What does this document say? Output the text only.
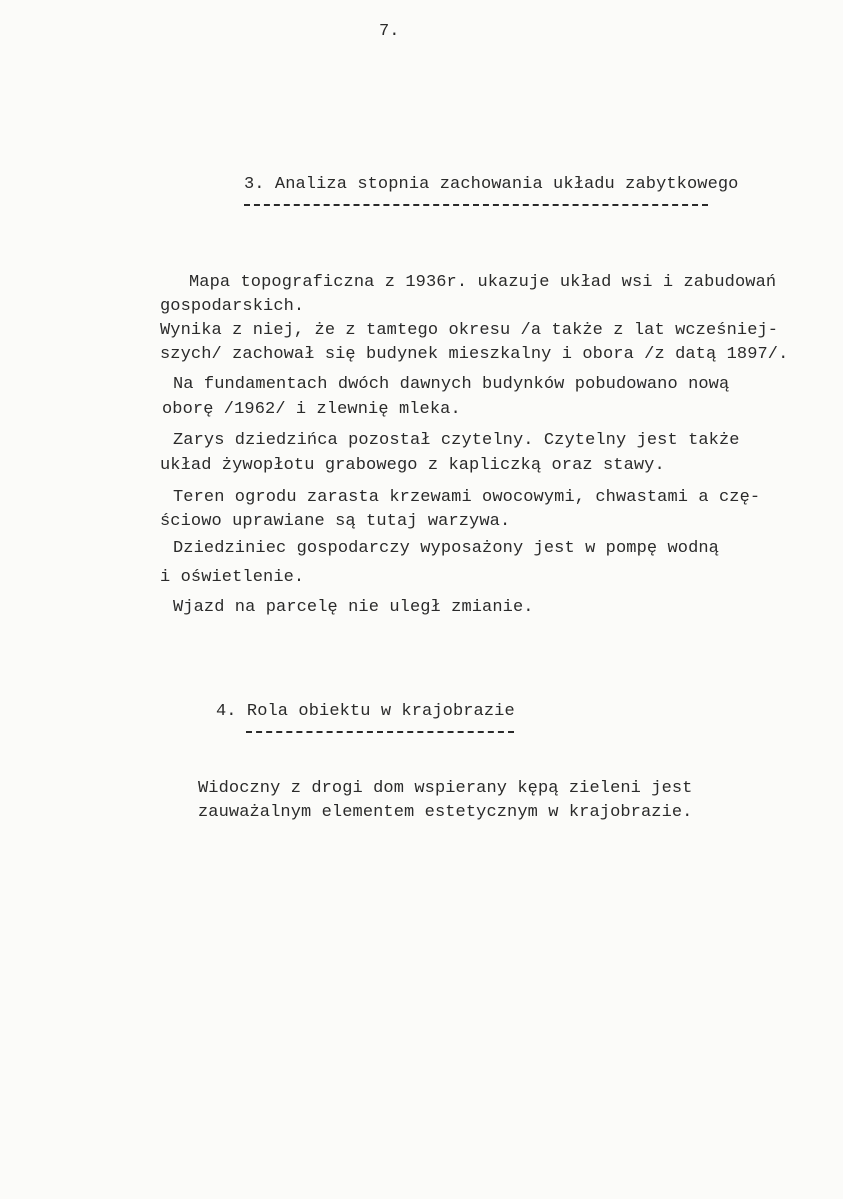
7.
3. Analiza stopnia zachowania układu zabytkowego
Mapa topograficzna z 1936r. ukazuje układ wsi i zabudowań
gospodarskich.
Wynika z niej, że z tamtego okresu /a także z lat wcześniej-
szych/ zachował się budynek mieszkalny i obora /z datą 1897/.
Na fundamentach dwóch dawnych budynków pobudowano nową
oborę /1962/ i zlewnię mleka.
Zarys dziedzińca pozostał czytelny. Czytelny jest także
układ żywopłotu grabowego z kapliczką oraz stawy.
Teren ogrodu zarasta krzewami owocowymi, chwastami a czę-
ściowo uprawiane są tutaj warzywa.
Dziedziniec gospodarczy wyposażony jest w pompę wodną
i oświetlenie.
Wjazd na parcelę nie uległ zmianie.
4. Rola obiektu w krajobrazie
Widoczny z drogi dom wspierany kępą zieleni jest
zauważalnym elementem estetycznym w krajobrazie.
